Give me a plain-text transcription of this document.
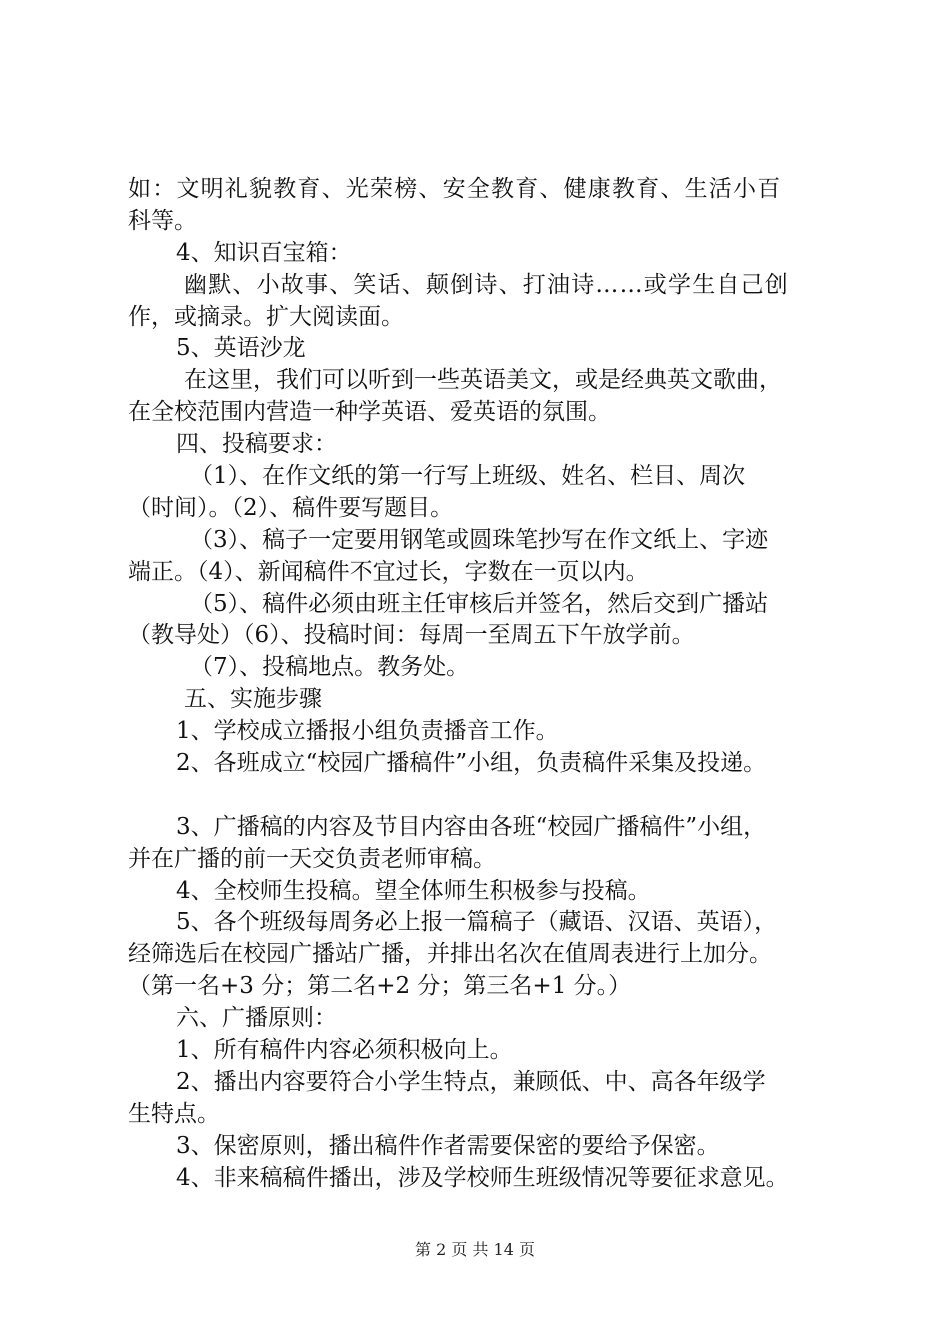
如：文明礼貌教育、光荣榜、安全教育、健康教育、生活小百
科等。
4、知识百宝箱：
幽默、小故事、笑话、颠倒诗、打油诗……或学生自己创
作，或摘录。扩大阅读面。
5、英语沙龙
在这里，我们可以听到一些英语美文，或是经典英文歌曲，
在全校范围内营造一种学英语、爱英语的氛围。
四、投稿要求：
（1）、在作文纸的第一行写上班级、姓名、栏目、周次
（时间）。（2）、稿件要写题目。
（3）、稿子一定要用钢笔或圆珠笔抄写在作文纸上、字迹
端正。（4）、新闻稿件不宜过长，字数在一页以内。
（5）、稿件必须由班主任审核后并签名，然后交到广播站
（教导处）（6）、投稿时间：每周一至周五下午放学前。
（7）、投稿地点。教务处。
五、实施步骤
1、学校成立播报小组负责播音工作。
2、各班成立“校园广播稿件”小组，负责稿件采集及投递。
3、广播稿的内容及节目内容由各班“校园广播稿件”小组，
并在广播的前一天交负责老师审稿。
4、全校师生投稿。望全体师生积极参与投稿。
5、各个班级每周务必上报一篇稿子（藏语、汉语、英语），
经筛选后在校园广播站广播，并排出名次在值周表进行上加分。
（第一名+3 分；第二名+2 分；第三名+1 分。）
六、广播原则：
1、所有稿件内容必须积极向上。
2、播出内容要符合小学生特点，兼顾低、中、高各年级学
生特点。
3、保密原则，播出稿件作者需要保密的要给予保密。
4、非来稿稿件播出，涉及学校师生班级情况等要征求意见。
第 2 页 共 14 页
